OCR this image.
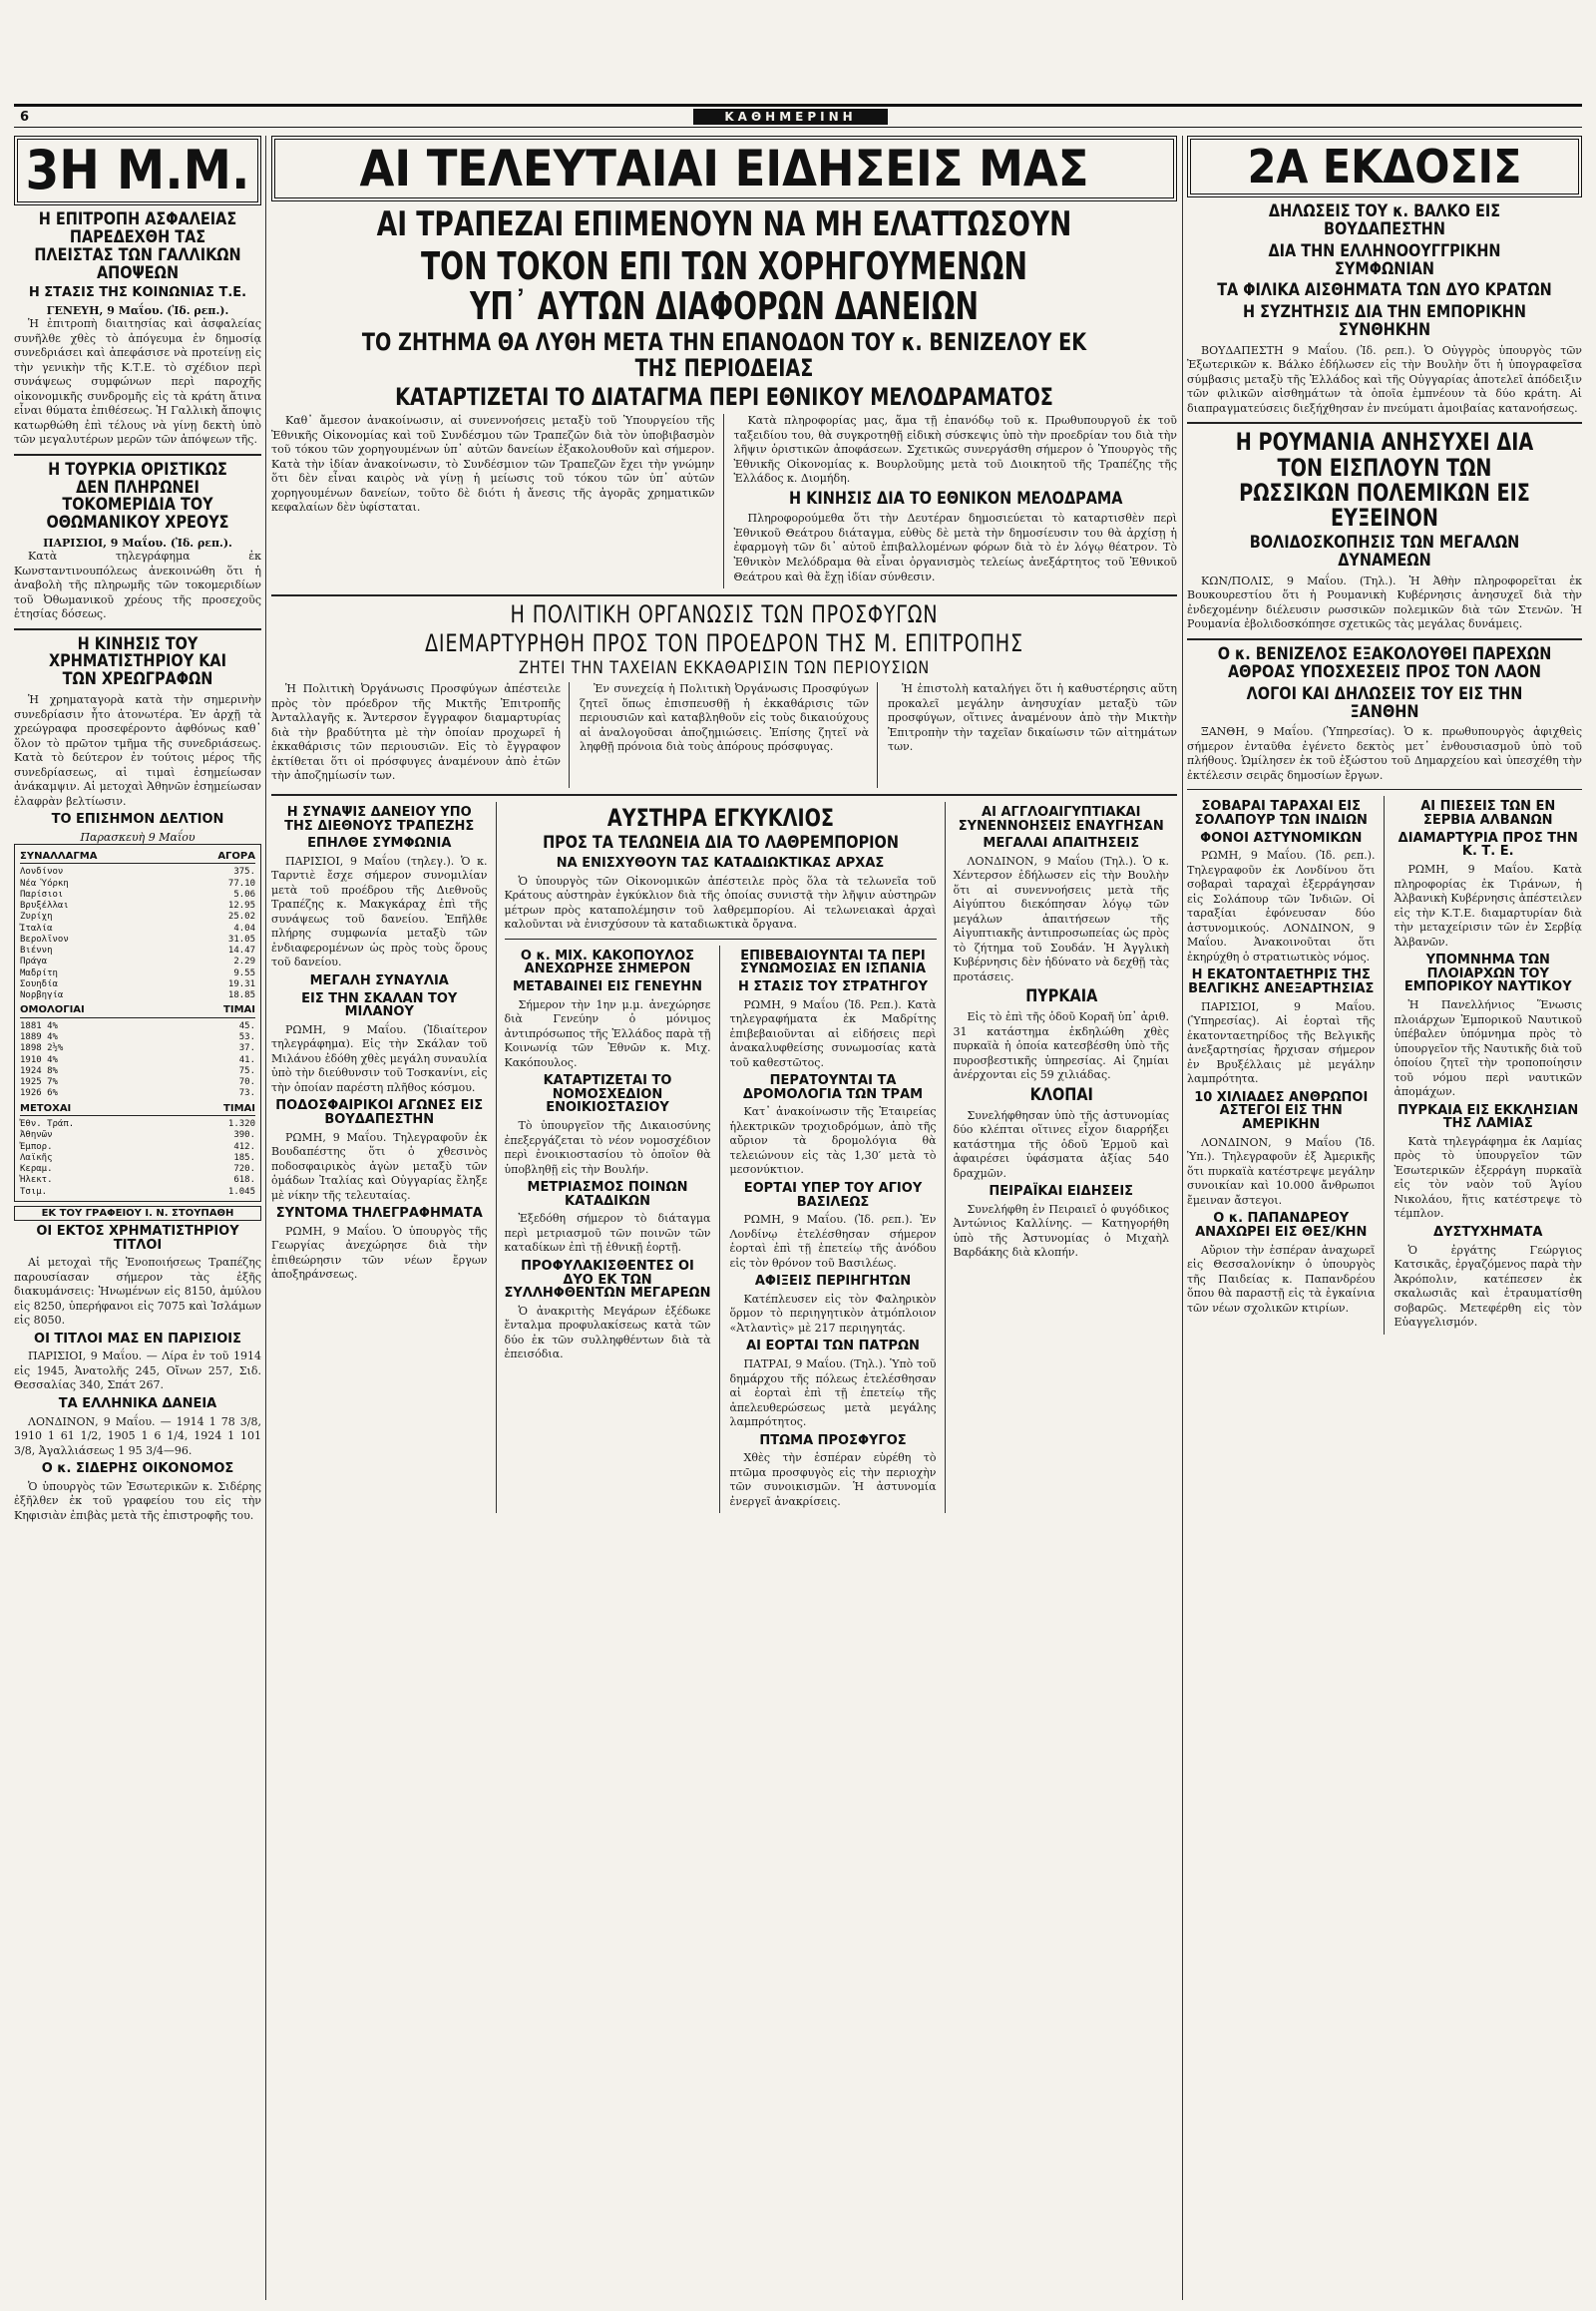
6	ΚΑΘΗΜΕΡΙΝΗ
3Η Μ.Μ.
Η ΕΠΙΤΡΟΠΗ ΑΣΦΑΛΕΙΑΣ ΠΑΡΕΔΕΧΘΗ ΤΑΣ ΠΛΕΙΣΤΑΣ ΤΩΝ ΓΑΛΛΙΚΩΝ ΑΠΟΨΕΩΝ
Η ΣΤΑΣΙΣ ΤΗΣ ΚΟΙΝΩΝΙΑΣ Τ.Ε.
ΓΕΝΕΥΗ, 9 Μαΐου. (Ἰδ. ρεπ.).

Ἡ ἐπιτροπὴ διαιτησίας καὶ ἀσφαλείας συνῆλθε χθὲς τὸ ἀπόγευμα ἐν δημοσίᾳ συνεδριάσει καὶ ἀπεφάσισε νὰ προτείνῃ εἰς τὴν γενικὴν τῆς Κ.Τ.Ε. τὸ σχέδιον περὶ συνάψεως συμφώνων περὶ παροχῆς οἰκονομικῆς συνδρομῆς εἰς τὰ κράτη ἅτινα εἶναι θύματα ἐπιθέσεως. Ἡ Γαλλικὴ ἄποψις κατωρθώθη ἐπὶ τέλους νὰ γίνῃ δεκτὴ ὑπὸ τῶν μεγαλυτέρων μερῶν τῶν ἀπόψεων τῆς.

Η ΤΟΥΡΚΙΑ ΟΡΙΣΤΙΚΩΣ ΔΕΝ ΠΛΗΡΩΝΕΙ ΤΟΚΟΜΕΡΙΔΙΑ ΤΟΥ ΟΘΩΜΑΝΙΚΟΥ ΧΡΕΟΥΣ
ΠΑΡΙΣΙΟΙ, 9 Μαΐου. (Ἰδ. ρεπ.).

Κατὰ τηλεγράφημα ἐκ Κωνσταντινουπόλεως ἀνεκοινώθη ὅτι ἡ ἀναβολὴ τῆς πληρωμῆς τῶν τοκομεριδίων τοῦ Ὀθωμανικοῦ χρέους τῆς προσεχοῦς ἑτησίας δόσεως.

Η ΚΙΝΗΣΙΣ ΤΟΥ ΧΡΗΜΑΤΙΣΤΗΡΙΟΥ ΚΑΙ ΤΩΝ ΧΡΕΩΓΡΑΦΩΝ

Ἡ χρηματαγορὰ κατὰ τὴν σημερινὴν συνεδρίασιν ἦτο ἀτονωτέρα. Ἐν ἀρχῇ τὰ χρεώγραφα προσεφέροντο ἀφθόνως καθ᾽ ὅλον τὸ πρῶτον τμῆμα τῆς συνεδριάσεως. Κατὰ τὸ δεύτερον ἐν τούτοις μέρος τῆς συνεδρίασεως, αἱ τιμαὶ ἐσημείωσαν ἀνάκαμψιν. Αἱ μετοχαὶ Ἀθηνῶν ἐσημείωσαν ἐλαφρὰν βελτίωσιν.

ΤΟ ΕΠΙΣΗΜΟΝ ΔΕΛΤΙΟΝ
Παρασκευὴ 9 Μαΐου
ΣΥΝΑΛΛΑΓΜΑ	ΑΓΟΡΑ
Λονδίνον	375.
Νέα Ὑόρκη	77.10
Παρίσιοι	5.06
Βρυξέλλαι	12.95
Ζυρίχη	25.02
Ἰταλία	4.04
Βερολῖνον	31.05
Βιέννη	14.47
Πράγα	2.29
Μαδρίτη	9.55
Σουηδία	19.31
Νορβηγία	18.85
ΟΜΟΛΟΓΙΑΙ	ΤΙΜΑΙ
1881 4%	45.
1889 4%	53.
1898 2½%	37.
1910 4%	41.
1924 8%	75.
1925 7%	70.
1926 6%	73.
ΜΕΤΟΧΑΙ	ΤΙΜΑΙ
Ἐθν. Τράπ.	1.320
Ἀθηνῶν	390.
Ἐμπορ.	412.
Λαϊκῆς	185.
Κεραμ.	720.
Ἠλεκτ.	618.
Τσιμ.	1.045
ΕΚ ΤΟΥ ΓΡΑΦΕΙΟΥ Ι. Ν. ΣΤΟΥΠΑΘΗ
ΟΙ ΕΚΤΟΣ ΧΡΗΜΑΤΙΣΤΗΡΙΟΥ ΤΙΤΛΟΙ

Αἱ μετοχαὶ τῆς Ἑνοποιήσεως Τραπέζης παρουσίασαν σήμερον τὰς ἑξῆς διακυμάνσεις: Ἠνωμένων εἰς 8150, ἀμύλου εἰς 8250, ὑπερήφανοι εἰς 7075 καὶ Ἰσλάμων εἰς 8050.

ΟΙ ΤΙΤΛΟΙ ΜΑΣ ΕΝ ΠΑΡΙΣΙΟΙΣ

ΠΑΡΙΣΙΟΙ, 9 Μαΐου. — Λίρα ἐν τοῦ 1914 εἰς 1945, Ἀνατολῆς 245, Οἴνων 257, Σιδ. Θεσσαλίας 340, Σπάτ 267.

ΤΑ ΕΛΛΗΝΙΚΑ ΔΑΝΕΙΑ

ΛΟΝΔΙΝΟΝ, 9 Μαΐου. — 1914 1 78 3/8, 1910 1 61 1/2, 1905 1 6 1/4, 1924 1 101 3/8, Ἀγαλλιάσεως 1 95 3/4—96.

Ο κ. ΣΙΔΕΡΗΣ ΟΙΚΟΝΟΜΟΣ

Ὁ ὑπουργὸς τῶν Ἐσωτερικῶν κ. Σιδέρης ἐξῆλθεν ἐκ τοῦ γραφείου του εἰς τὴν Κηφισιὰν ἐπιβὰς μετὰ τῆς ἐπιστροφῆς του.

ΑΙ ΤΕΛΕΥΤΑΙΑΙ ΕΙΔΗΣΕΙΣ ΜΑΣ
ΑΙ ΤΡΑΠΕΖΑΙ ΕΠΙΜΕΝΟΥΝ ΝΑ ΜΗ ΕΛΑΤΤΩΣΟΥΝ
ΤΟΝ ΤΟΚΟΝ ΕΠΙ ΤΩΝ ΧΟΡΗΓΟΥΜΕΝΩΝ ΥΠ᾽ ΑΥΤΩΝ ΔΙΑΦΟΡΩΝ ΔΑΝΕΙΩΝ
ΤΟ ΖΗΤΗΜΑ ΘΑ ΛΥΘΗ ΜΕΤΑ ΤΗΝ ΕΠΑΝΟΔΟΝ ΤΟΥ κ. ΒΕΝΙΖΕΛΟΥ ΕΚ ΤΗΣ ΠΕΡΙΟΔΕΙΑΣ
ΚΑΤΑΡΤΙΖΕΤΑΙ ΤΟ ΔΙΑΤΑΓΜΑ ΠΕΡΙ ΕΘΝΙΚΟΥ ΜΕΛΟΔΡΑΜΑΤΟΣ

Καθ᾽ ἄμεσον ἀνακοίνωσιν, αἱ συνεννοήσεις μεταξὺ τοῦ Ὑπουργείου τῆς Ἐθνικῆς Οἰκονομίας καὶ τοῦ Συνδέσμου τῶν Τραπεζῶν διὰ τὸν ὑποβιβασμὸν τοῦ τόκου τῶν χορηγουμένων ὑπ᾽ αὐτῶν δανείων ἐξακολουθοῦν καὶ σήμερον. Κατὰ τὴν ἰδίαν ἀνακοίνωσιν, τὸ Συνδέσμιον τῶν Τραπεζῶν ἔχει τὴν γνώμην ὅτι δὲν εἶναι καιρὸς νὰ γίνῃ ἡ μείωσις τοῦ τόκου τῶν ὑπ᾽ αὐτῶν χορηγουμένων δανείων, τοῦτο δὲ διότι ἡ ἄνεσις τῆς ἀγορᾶς χρηματικῶν κεφαλαίων δὲν ὑφίσταται.

Κατὰ πληροφορίας μας, ἅμα τῇ ἐπανόδῳ τοῦ κ. Πρωθυπουργοῦ ἐκ τοῦ ταξειδίου του, θὰ συγκροτηθῇ εἰδικὴ σύσκεψις ὑπὸ τὴν προεδρίαν του διὰ τὴν λῆψιν ὁριστικῶν ἀποφάσεων. Σχετικῶς συνεργάσθη σήμερον ὁ Ὑπουργὸς τῆς Ἐθνικῆς Οἰκονομίας κ. Βουρλοῦμης μετὰ τοῦ Διοικητοῦ τῆς Τραπέζης τῆς Ἑλλάδος κ. Διομήδη.

Η ΚΙΝΗΣΙΣ ΔΙΑ ΤΟ ΕΘΝΙΚΟΝ ΜΕΛΟΔΡΑΜΑ

Πληροφορούμεθα ὅτι τὴν Δευτέραν δημοσιεύεται τὸ καταρτισθὲν περὶ Ἐθνικοῦ Θεάτρου διάταγμα, εὐθὺς δὲ μετὰ τὴν δημοσίευσιν του θὰ ἀρχίσῃ ἡ ἐφαρμογὴ τῶν δι᾽ αὐτοῦ ἐπιβαλλομένων φόρων διὰ τὸ ἐν λόγῳ θέατρον. Τὸ Ἐθνικὸν Μελόδραμα θὰ εἶναι ὀργανισμὸς τελείως ἀνεξάρτητος τοῦ Ἐθνικοῦ Θεάτρου καὶ θὰ ἔχῃ ἰδίαν σύνθεσιν.

Η ΠΟΛΙΤΙΚΗ ΟΡΓΑΝΩΣΙΣ ΤΩΝ ΠΡΟΣΦΥΓΩΝ
ΔΙΕΜΑΡΤΥΡΗΘΗ ΠΡΟΣ ΤΟΝ ΠΡΟΕΔΡΟΝ ΤΗΣ Μ. ΕΠΙΤΡΟΠΗΣ
ΖΗΤΕΙ ΤΗΝ ΤΑΧΕΙΑΝ ΕΚΚΑΘΑΡΙΣΙΝ ΤΩΝ ΠΕΡΙΟΥΣΙΩΝ

Ἡ Πολιτικὴ Ὀργάνωσις Προσφύγων ἀπέστειλε πρὸς τὸν πρόεδρον τῆς Μικτῆς Ἐπιτροπῆς Ἀνταλλαγῆς κ. Ἄντερσον ἔγγραφον διαμαρτυρίας διὰ τὴν βραδύτητα μὲ τὴν ὁποίαν προχωρεῖ ἡ ἐκκαθάρισις τῶν περιουσιῶν. Εἰς τὸ ἔγγραφον ἐκτίθεται ὅτι οἱ πρόσφυγες ἀναμένουν ἀπὸ ἐτῶν τὴν ἀποζημίωσίν των.

Ἐν συνεχείᾳ ἡ Πολιτικὴ Ὀργάνωσις Προσφύγων ζητεῖ ὅπως ἐπισπευσθῇ ἡ ἐκκαθάρισις τῶν περιουσιῶν καὶ καταβληθοῦν εἰς τοὺς δικαιούχους αἱ ἀναλογοῦσαι ἀποζημιώσεις. Ἐπίσης ζητεῖ νὰ ληφθῇ πρόνοια διὰ τοὺς ἀπόρους πρόσφυγας.

Ἡ ἐπιστολὴ καταλήγει ὅτι ἡ καθυστέρησις αὕτη προκαλεῖ μεγάλην ἀνησυχίαν μεταξὺ τῶν προσφύγων, οἵτινες ἀναμένουν ἀπὸ τὴν Μικτὴν Ἐπιτροπὴν τὴν ταχεῖαν δικαίωσιν τῶν αἰτημάτων των.

Η ΣΥΝΑΨΙΣ ΔΑΝΕΙΟΥ ΥΠΟ ΤΗΣ ΔΙΕΘΝΟΥΣ ΤΡΑΠΕΖΗΣ
ΕΠΗΛΘΕ ΣΥΜΦΩΝΙΑ

ΠΑΡΙΣΙΟΙ, 9 Μαΐου (τηλεγ.). Ὁ κ. Ταρντιὲ ἔσχε σήμερον συνομιλίαν μετὰ τοῦ προέδρου τῆς Διεθνοῦς Τραπέζης κ. Μακγκάραχ ἐπὶ τῆς συνάψεως τοῦ δανείου. Ἐπῆλθε πλήρης συμφωνία μεταξὺ τῶν ἐνδιαφερομένων ὡς πρὸς τοὺς ὅρους τοῦ δανείου.

ΜΕΓΑΛΗ ΣΥΝΑΥΛΙΑ
ΕΙΣ ΤΗΝ ΣΚΑΛΑΝ ΤΟΥ ΜΙΛΑΝΟΥ

ΡΩΜΗ, 9 Μαΐου. (Ἰδιαίτερον τηλεγράφημα). Εἰς τὴν Σκάλαν τοῦ Μιλάνου ἐδόθη χθὲς μεγάλη συναυλία ὑπὸ τὴν διεύθυνσιν τοῦ Τοσκανίνι, εἰς τὴν ὁποίαν παρέστη πλῆθος κόσμου.

ΠΟΔΟΣΦΑΙΡΙΚΟΙ ΑΓΩΝΕΣ ΕΙΣ ΒΟΥΔΑΠΕΣΤΗΝ

ΡΩΜΗ, 9 Μαΐου. Τηλεγραφοῦν ἐκ Βουδαπέστης ὅτι ὁ χθεσινὸς ποδοσφαιρικὸς ἀγὼν μεταξὺ τῶν ὁμάδων Ἰταλίας καὶ Οὑγγαρίας ἔληξε μὲ νίκην τῆς τελευταίας.

ΣΥΝΤΟΜΑ ΤΗΛΕΓΡΑΦΗΜΑΤΑ

ΡΩΜΗ, 9 Μαΐου. Ὁ ὑπουργὸς τῆς Γεωργίας ἀνεχώρησε διὰ τὴν ἐπιθεώρησιν τῶν νέων ἔργων ἀποξηράνσεως.

ΑΥΣΤΗΡΑ ΕΓΚΥΚΛΙΟΣ
ΠΡΟΣ ΤΑ ΤΕΛΩΝΕΙΑ ΔΙΑ ΤΟ ΛΑΘΡΕΜΠΟΡΙΟΝ
ΝΑ ΕΝΙΣΧΥΘΟΥΝ ΤΑΣ ΚΑΤΑΔΙΩΚΤΙΚΑΣ ΑΡΧΑΣ

Ὁ ὑπουργὸς τῶν Οἰκονομικῶν ἀπέστειλε πρὸς ὅλα τὰ τελωνεῖα τοῦ Κράτους αὐστηρὰν ἐγκύκλιον διὰ τῆς ὁποίας συνιστᾷ τὴν λῆψιν αὐστηρῶν μέτρων πρὸς καταπολέμησιν τοῦ λαθρεμπορίου. Αἱ τελωνειακαὶ ἀρχαὶ καλοῦνται νὰ ἐνισχύσουν τὰ καταδιωκτικὰ ὄργανα.

Ο κ. ΜΙΧ. ΚΑΚΟΠΟΥΛΟΣ ΑΝΕΧΩΡΗΣΕ ΣΗΜΕΡΟΝ
ΜΕΤΑΒΑΙΝΕΙ ΕΙΣ ΓΕΝΕΥΗΝ

Σήμερον τὴν 1ην μ.μ. ἀνεχώρησε διὰ Γενεύην ὁ μόνιμος ἀντιπρόσωπος τῆς Ἑλλάδος παρὰ τῇ Κοινωνίᾳ τῶν Ἐθνῶν κ. Μιχ. Κακόπουλος.

ΚΑΤΑΡΤΙΖΕΤΑΙ ΤΟ ΝΟΜΟΣΧΕΔΙΟΝ ΕΝΟΙΚΙΟΣΤΑΣΙΟΥ

Τὸ ὑπουργεῖον τῆς Δικαιοσύνης ἐπεξεργάζεται τὸ νέον νομοσχέδιον περὶ ἐνοικιοστασίου τὸ ὁποῖον θὰ ὑποβληθῇ εἰς τὴν Βουλήν.

ΜΕΤΡΙΑΣΜΟΣ ΠΟΙΝΩΝ ΚΑΤΑΔΙΚΩΝ

Ἐξεδόθη σήμερον τὸ διάταγμα περὶ μετριασμοῦ τῶν ποινῶν τῶν καταδίκων ἐπὶ τῇ ἐθνικῇ ἑορτῇ.

ΠΡΟΦΥΛΑΚΙΣΘΕΝΤΕΣ ΟΙ ΔΥΟ ΕΚ ΤΩΝ ΣΥΛΛΗΦΘΕΝΤΩΝ ΜΕΓΑΡΕΩΝ

Ὁ ἀνακριτὴς Μεγάρων ἐξέδωκε ἔνταλμα προφυλακίσεως κατὰ τῶν δύο ἐκ τῶν συλληφθέντων διὰ τὰ ἐπεισόδια.

ΕΠΙΒΕΒΑΙΟΥΝΤΑΙ ΤΑ ΠΕΡΙ ΣΥΝΩΜΟΣΙΑΣ ΕΝ ΙΣΠΑΝΙΑ
Η ΣΤΑΣΙΣ ΤΟΥ ΣΤΡΑΤΗΓΟΥ

ΡΩΜΗ, 9 Μαΐου (Ἰδ. Ρεπ.). Κατὰ τηλεγραφήματα ἐκ Μαδρίτης ἐπιβεβαιοῦνται αἱ εἰδήσεις περὶ ἀνακαλυφθείσης συνωμοσίας κατὰ τοῦ καθεστῶτος.

ΠΕΡΑΤΟΥΝΤΑΙ ΤΑ ΔΡΟΜΟΛΟΓΙΑ ΤΩΝ ΤΡΑΜ

Κατ᾽ ἀνακοίνωσιν τῆς Ἑταιρείας ἡλεκτρικῶν τροχιοδρόμων, ἀπὸ τῆς αὔριον τὰ δρομολόγια θὰ τελειώνουν εἰς τὰς 1,30′ μετὰ τὸ μεσονύκτιον.

ΕΟΡΤΑΙ ΥΠΕΡ ΤΟΥ ΑΓΙΟΥ ΒΑΣΙΛΕΩΣ

ΡΩΜΗ, 9 Μαΐου. (Ἰδ. ρεπ.). Ἐν Λονδίνῳ ἐτελέσθησαν σήμερον ἑορταὶ ἐπὶ τῇ ἐπετείῳ τῆς ἀνόδου εἰς τὸν θρόνον τοῦ Βασιλέως.

ΑΦΙΞΕΙΣ ΠΕΡΙΗΓΗΤΩΝ

Κατέπλευσεν εἰς τὸν Φαληρικὸν ὅρμον τὸ περιηγητικὸν ἀτμόπλοιον «Ἀτλαντὶς» μὲ 217 περιηγητάς.

ΑΙ ΕΟΡΤΑΙ ΤΩΝ ΠΑΤΡΩΝ

ΠΑΤΡΑΙ, 9 Μαΐου. (Τηλ.). Ὑπὸ τοῦ δημάρχου τῆς πόλεως ἐτελέσθησαν αἱ ἑορταὶ ἐπὶ τῇ ἐπετείῳ τῆς ἀπελευθερώσεως μετὰ μεγάλης λαμπρότητος.

ΠΤΩΜΑ ΠΡΟΣΦΥΓΟΣ

Χθὲς τὴν ἑσπέραν εὑρέθη τὸ πτῶμα προσφυγὸς εἰς τὴν περιοχὴν τῶν συνοικισμῶν. Ἡ ἀστυνομία ἐνεργεῖ ἀνακρίσεις.

ΑΙ ΑΓΓΛΟΑΙΓΥΠΤΙΑΚΑΙ ΣΥΝΕΝΝΟΗΣΕΙΣ ΕΝΑΥΓΗΣΑΝ
ΜΕΓΑΛΑΙ ΑΠΑΙΤΗΣΕΙΣ

ΛΟΝΔΙΝΟΝ, 9 Μαΐου (Τηλ.). Ὁ κ. Χέντερσον ἐδήλωσεν εἰς τὴν Βουλὴν ὅτι αἱ συνεννοήσεις μετὰ τῆς Αἰγύπτου διεκόπησαν λόγῳ τῶν μεγάλων ἀπαιτήσεων τῆς Αἰγυπτιακῆς ἀντιπροσωπείας ὡς πρὸς τὸ ζήτημα τοῦ Σουδάν. Ἡ Ἀγγλικὴ Κυβέρνησις δὲν ἠδύνατο νὰ δεχθῇ τὰς προτάσεις.

ΠΥΡΚΑΙΑ

Εἰς τὸ ἐπὶ τῆς ὁδοῦ Κοραῆ ὑπ᾽ ἀριθ. 31 κατάστημα ἐκδηλώθη χθὲς πυρκαϊὰ ἡ ὁποία κατεσβέσθη ὑπὸ τῆς πυροσβεστικῆς ὑπηρεσίας. Αἱ ζημίαι ἀνέρχονται εἰς 59 χιλιάδας.

ΚΛΟΠΑΙ

Συνελήφθησαν ὑπὸ τῆς ἀστυνομίας δύο κλέπται οἵτινες εἶχον διαρρήξει κατάστημα τῆς ὁδοῦ Ἑρμοῦ καὶ ἀφαιρέσει ὑφάσματα ἀξίας 540 δραχμῶν.

ΠΕΙΡΑΪΚΑΙ ΕΙΔΗΣΕΙΣ

Συνελήφθη ἐν Πειραιεῖ ὁ φυγόδικος Ἀντώνιος Καλλίνης. — Κατηγορήθη ὑπὸ τῆς Ἀστυνομίας ὁ Μιχαὴλ Βαρδάκης διὰ κλοπήν.

2Α ΕΚΔΟΣΙΣ
ΔΗΛΩΣΕΙΣ ΤΟΥ κ. ΒΑΛΚΟ ΕΙΣ ΒΟΥΔΑΠΕΣΤΗΝ
ΔΙΑ ΤΗΝ ΕΛΛΗΝΟΟΥΓΓΡΙΚΗΝ ΣΥΜΦΩΝΙΑΝ
ΤΑ ΦΙΛΙΚΑ ΑΙΣΘΗΜΑΤΑ ΤΩΝ ΔΥΟ ΚΡΑΤΩΝ
Η ΣΥΖΗΤΗΣΙΣ ΔΙΑ ΤΗΝ ΕΜΠΟΡΙΚΗΝ ΣΥΝΘΗΚΗΝ

ΒΟΥΔΑΠΕΣΤΗ 9 Μαΐου. (Ἰδ. ρεπ.). Ὁ Οὐγγρὸς ὑπουργὸς τῶν Ἐξωτερικῶν κ. Βάλκο ἐδήλωσεν εἰς τὴν Βουλὴν ὅτι ἡ ὑπογραφεῖσα σύμβασις μεταξὺ τῆς Ἑλλάδος καὶ τῆς Οὐγγαρίας ἀποτελεῖ ἀπόδειξιν τῶν φιλικῶν αἰσθημάτων τὰ ὁποῖα ἐμπνέουν τὰ δύο κράτη. Αἱ διαπραγματεύσεις διεξήχθησαν ἐν πνεύματι ἀμοιβαίας κατανοήσεως.

Η ΡΟΥΜΑΝΙΑ ΑΝΗΣΥΧΕΙ ΔΙΑ ΤΟΝ ΕΙΣΠΛΟΥΝ ΤΩΝ ΡΩΣΣΙΚΩΝ ΠΟΛΕΜΙΚΩΝ ΕΙΣ ΕΥΞΕΙΝΟΝ
ΒΟΛΙΔΟΣΚΟΠΗΣΙΣ ΤΩΝ ΜΕΓΑΛΩΝ ΔΥΝΑΜΕΩΝ

ΚΩΝ/ΠΟΛΙΣ, 9 Μαΐου. (Τηλ.). Ἡ Ἀθὴν πληροφορεῖται ἐκ Βουκουρεστίου ὅτι ἡ Ρουμανικὴ Κυβέρνησις ἀνησυχεῖ διὰ τὴν ἐνδεχομένην διέλευσιν ρωσσικῶν πολεμικῶν διὰ τῶν Στενῶν. Ἡ Ρουμανία ἐβολιδοσκόπησε σχετικῶς τὰς μεγάλας δυνάμεις.

Ο κ. ΒΕΝΙΖΕΛΟΣ ΕΞΑΚΟΛΟΥΘΕΙ ΠΑΡΕΧΩΝ ΑΘΡΟΑΣ ΥΠΟΣΧΕΣΕΙΣ ΠΡΟΣ ΤΟΝ ΛΑΟΝ
ΛΟΓΟΙ ΚΑΙ ΔΗΛΩΣΕΙΣ ΤΟΥ ΕΙΣ ΤΗΝ ΞΑΝΘΗΝ

ΞΑΝΘΗ, 9 Μαΐου. (Ὑπηρεσίας). Ὁ κ. πρωθυπουργὸς ἀφιχθεὶς σήμερον ἐνταῦθα ἐγένετο δεκτὸς μετ᾽ ἐνθουσιασμοῦ ὑπὸ τοῦ πλήθους. Ὡμίλησεν ἐκ τοῦ ἐξώστου τοῦ Δημαρχείου καὶ ὑπεσχέθη τὴν ἐκτέλεσιν σειρᾶς δημοσίων ἔργων.

ΣΟΒΑΡΑΙ ΤΑΡΑΧΑΙ ΕΙΣ ΣΟΛΑΠΟΥΡ ΤΩΝ ΙΝΔΙΩΝ
ΦΟΝΟΙ ΑΣΤΥΝΟΜΙΚΩΝ

ΡΩΜΗ, 9 Μαΐου. (Ἰδ. ρεπ.). Τηλεγραφοῦν ἐκ Λονδίνου ὅτι σοβαραὶ ταραχαὶ ἐξερράγησαν εἰς Σολάπουρ τῶν Ἰνδιῶν. Οἱ ταραξίαι ἐφόνευσαν δύο ἀστυνομικούς. ΛΟΝΔΙΝΟΝ, 9 Μαΐου. Ἀνακοινοῦται ὅτι ἐκηρύχθη ὁ στρατιωτικὸς νόμος.

Η ΕΚΑΤΟΝΤΑΕΤΗΡΙΣ ΤΗΣ ΒΕΛΓΙΚΗΣ ΑΝΕΞΑΡΤΗΣΙΑΣ

ΠΑΡΙΣΙΟΙ, 9 Μαΐου. (Ὑπηρεσίας). Αἱ ἑορταὶ τῆς ἑκατονταετηρίδος τῆς Βελγικῆς ἀνεξαρτησίας ἤρχισαν σήμερον ἐν Βρυξέλλαις μὲ μεγάλην λαμπρότητα.

10 ΧΙΛΙΑΔΕΣ ΑΝΘΡΩΠΟΙ ΑΣΤΕΓΟΙ ΕΙΣ ΤΗΝ ΑΜΕΡΙΚΗΝ

ΛΟΝΔΙΝΟΝ, 9 Μαΐου (Ἰδ. Ὑπ.). Τηλεγραφοῦν ἐξ Ἀμερικῆς ὅτι πυρκαϊὰ κατέστρεψε μεγάλην συνοικίαν καὶ 10.000 ἄνθρωποι ἔμειναν ἄστεγοι.

Ο κ. ΠΑΠΑΝΔΡΕΟΥ ΑΝΑΧΩΡΕΙ ΕΙΣ ΘΕΣ/ΚΗΝ

Αὔριον τὴν ἑσπέραν ἀναχωρεῖ εἰς Θεσσαλονίκην ὁ ὑπουργὸς τῆς Παιδείας κ. Παπανδρέου ὅπου θὰ παραστῇ εἰς τὰ ἐγκαίνια τῶν νέων σχολικῶν κτιρίων.

ΑΙ ΠΙΕΣΕΙΣ ΤΩΝ ΕΝ ΣΕΡΒΙΑ ΑΛΒΑΝΩΝ
ΔΙΑΜΑΡΤΥΡΙΑ ΠΡΟΣ ΤΗΝ Κ. Τ. Ε.

ΡΩΜΗ, 9 Μαΐου. Κατὰ πληροφορίας ἐκ Τιράνων, ἡ Ἀλβανικὴ Κυβέρνησις ἀπέστειλεν εἰς τὴν Κ.Τ.Ε. διαμαρτυρίαν διὰ τὴν μεταχείρισιν τῶν ἐν Σερβίᾳ Ἀλβανῶν.

ΥΠΟΜΝΗΜΑ ΤΩΝ ΠΛΟΙΑΡΧΩΝ ΤΟΥ ΕΜΠΟΡΙΚΟΥ ΝΑΥΤΙΚΟΥ

Ἡ Πανελλήνιος Ἕνωσις πλοιάρχων Ἐμπορικοῦ Ναυτικοῦ ὑπέβαλεν ὑπόμνημα πρὸς τὸ ὑπουργεῖον τῆς Ναυτικῆς διὰ τοῦ ὁποίου ζητεῖ τὴν τροποποίησιν τοῦ νόμου περὶ ναυτικῶν ἀπομάχων.

ΠΥΡΚΑΙΑ ΕΙΣ ΕΚΚΛΗΣΙΑΝ ΤΗΣ ΛΑΜΙΑΣ

Κατὰ τηλεγράφημα ἐκ Λαμίας πρὸς τὸ ὑπουργεῖον τῶν Ἐσωτερικῶν ἐξερράγη πυρκαϊὰ εἰς τὸν ναὸν τοῦ Ἁγίου Νικολάου, ἥτις κατέστρεψε τὸ τέμπλον.

ΔΥΣΤΥΧΗΜΑΤΑ

Ὁ ἐργάτης Γεώργιος Κατσικᾶς, ἐργαζόμενος παρὰ τὴν Ἀκρόπολιν, κατέπεσεν ἐκ σκαλωσιᾶς καὶ ἐτραυματίσθη σοβαρῶς. Μετεφέρθη εἰς τὸν Εὐαγγελισμόν.
